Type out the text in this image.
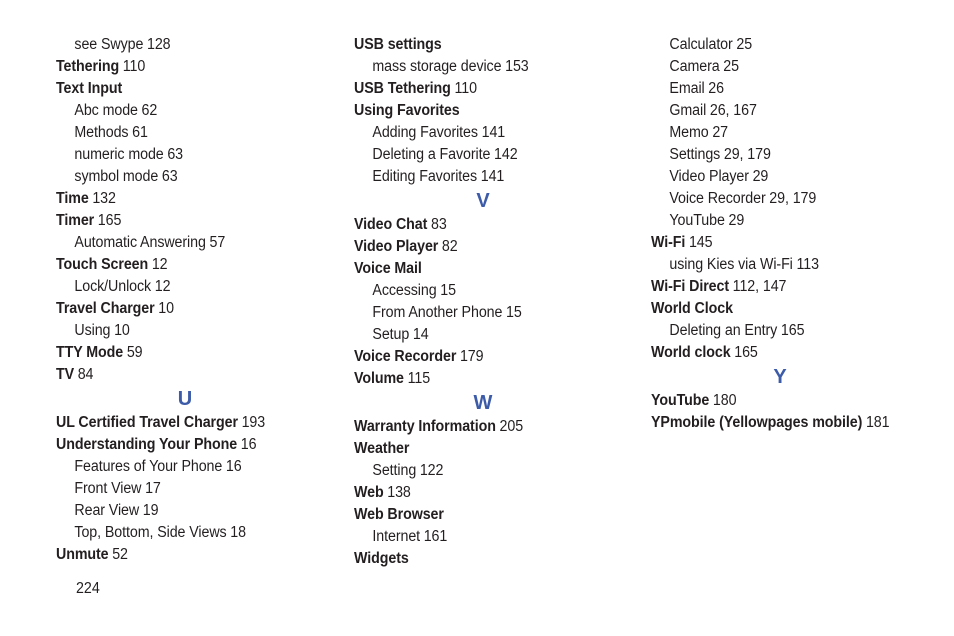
see Swype 128
Tethering 110
Text Input
Abc mode 62
Methods 61
numeric mode 63
symbol mode 63
Time 132
Timer 165
Automatic Answering 57
Touch Screen 12
Lock/Unlock 12
Travel Charger 10
Using 10
TTY Mode 59
TV 84
U
UL Certified Travel Charger 193
Understanding Your Phone 16
Features of Your Phone 16
Front View 17
Rear View 19
Top, Bottom, Side Views 18
Unmute 52
USB settings
mass storage device 153
USB Tethering 110
Using Favorites
Adding Favorites 141
Deleting a Favorite 142
Editing Favorites 141
V
Video Chat 83
Video Player 82
Voice Mail
Accessing 15
From Another Phone 15
Setup 14
Voice Recorder 179
Volume 115
W
Warranty Information 205
Weather
Setting 122
Web 138
Web Browser
Internet 161
Widgets
Calculator 25
Camera 25
Email 26
Gmail 26, 167
Memo 27
Settings 29, 179
Video Player 29
Voice Recorder 29, 179
YouTube 29
Wi-Fi 145
using Kies via Wi-Fi 113
Wi-Fi Direct 112, 147
World Clock
Deleting an Entry 165
World clock 165
Y
YouTube 180
YPmobile (Yellowpages mobile) 181
224
